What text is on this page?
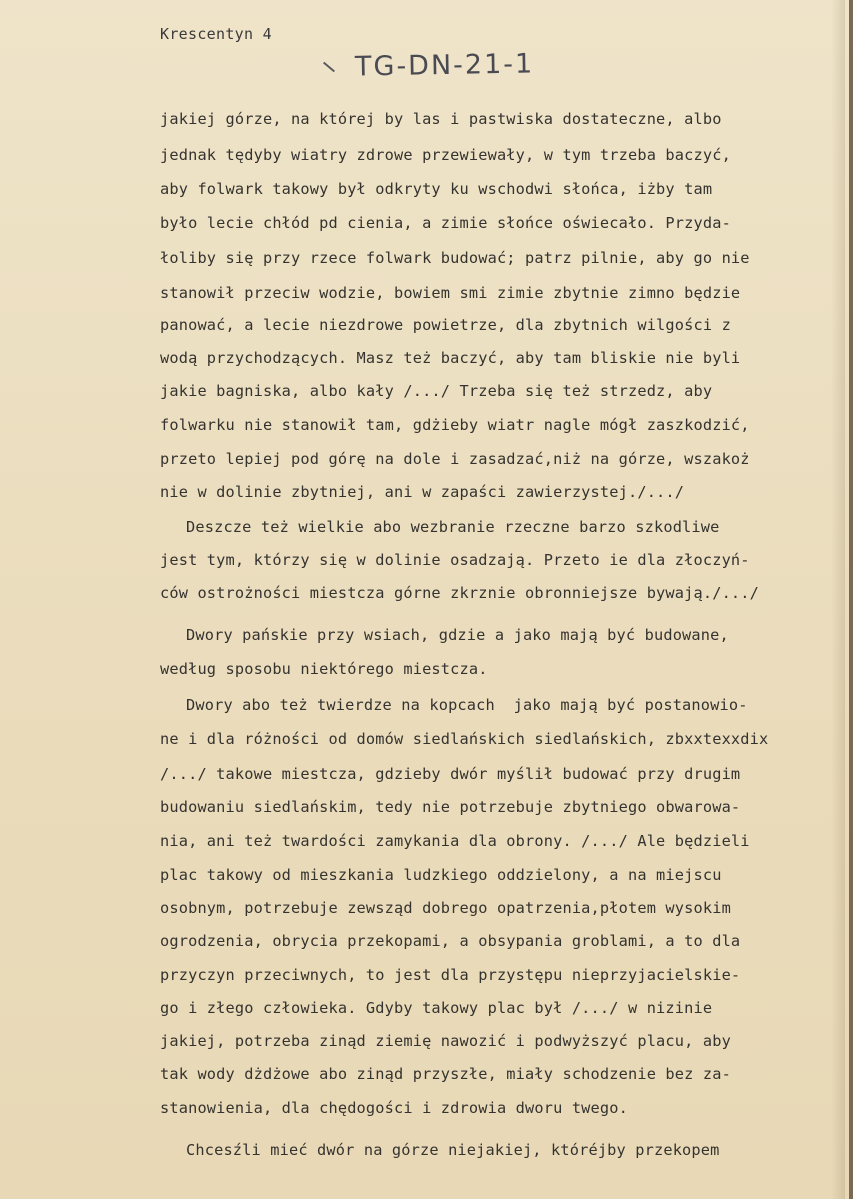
Krescentyn 4
TG-DN-21-1
jakiej górze, na której by las i pastwiska dostateczne, albo
jednak tędyby wiatry zdrowe przewiewały, w tym trzeba baczyć,
aby folwark takowy był odkryty ku wschodwi słońca, iżby tam
było lecie chłód pd cienia, a zimie słońce oświecało. Przyda-
łoliby się przy rzece folwark budować; patrz pilnie, aby go nie
stanowił przeciw wodzie, bowiem smi zimie zbytnie zimno będzie
panować, a lecie niezdrowe powietrze, dla zbytnich wilgości z
wodą przychodzących. Masz też baczyć, aby tam bliskie nie byli
jakie bagniska, albo kały /.../ Trzeba się też strzedz, aby
folwarku nie stanowił tam, gdżieby wiatr nagle mógł zaszkodzić,
przeto lepiej pod górę na dole i zasadzać,niż na górze, wszakoż
nie w dolinie zbytniej, ani w zapaści zawierzystej./.../
Deszcze też wielkie abo wezbranie rzeczne barzo szkodliwe
jest tym, którzy się w dolinie osadzają. Przeto ie dla złoczyń-
ców ostrożności miestcza górne zkrznie obronniejsze bywają./.../
Dwory pańskie przy wsiach, gdzie a jako mają być budowane,
według sposobu niektórego miestcza.
Dwory abo też twierdze na kopcach  jako mają być postanowio-
ne i dla różności od domów siedlańskich siedlańskich, zbxxtexxdix
/.../ takowe miestcza, gdzieby dwór myślił budować przy drugim
budowaniu siedlańskim, tedy nie potrzebuje zbytniego obwarowa-
nia, ani też twardości zamykania dla obrony. /.../ Ale będzieli
plac takowy od mieszkania ludzkiego oddzielony, a na miejscu
osobnym, potrzebuje zewsząd dobrego opatrzenia,płotem wysokim
ogrodzenia, obrycia przekopami, a obsypania groblami, a to dla
przyczyn przeciwnych, to jest dla przystępu nieprzyjacielskie-
go i złego człowieka. Gdyby takowy plac był /.../ w nizinie
jakiej, potrzeba zinąd ziemię nawozić i podwyższyć placu, aby
tak wody dżdżowe abo zinąd przyszłe, miały schodzenie bez za-
stanowienia, dla chędogości i zdrowia dworu twego.
Chcesźli mieć dwór na górze niejakiej, któréjby przekopem
